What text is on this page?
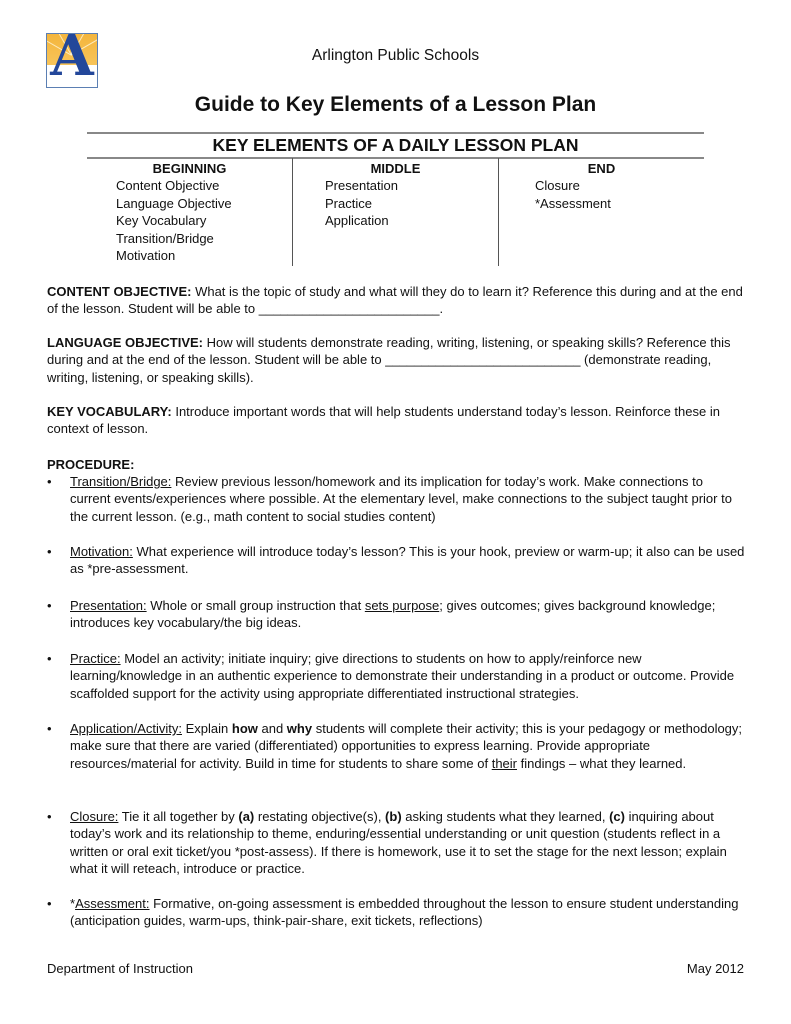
A	Arlington Public Schools
Guide to Key Elements of a Lesson Plan
KEY ELEMENTS OF A DAILY LESSON PLAN
BEGINNING
Content Objective
Language Objective
Key Vocabulary
Transition/Bridge
Motivation
MIDDLE
Presentation
Practice
Application
END
Closure
*Assessment
CONTENT OBJECTIVE: What is the topic of study and what will they do to learn it? Reference this during and at the end of the lesson. Student will be able to _________________________.
LANGUAGE OBJECTIVE: How will students demonstrate reading, writing, listening, or speaking skills? Reference this during and at the end of the lesson. Student will be able to ___________________________ (demonstrate reading, writing, listening, or speaking skills).
KEY VOCABULARY: Introduce important words that will help students understand today’s lesson. Reinforce these in context of lesson.
PROCEDURE:
•	Transition/Bridge: Review previous lesson/homework and its implication for today’s work. Make connections to current events/experiences where possible. At the elementary level, make connections to the subject taught prior to the current lesson. (e.g., math content to social studies content)
•	Motivation: What experience will introduce today’s lesson? This is your hook, preview or warm-up; it also can be used as *pre-assessment.
•	Presentation: Whole or small group instruction that sets purpose; gives outcomes; gives background knowledge; introduces key vocabulary/the big ideas.
•	Practice: Model an activity; initiate inquiry; give directions to students on how to apply/reinforce new learning/knowledge in an authentic experience to demonstrate their understanding in a product or outcome. Provide scaffolded support for the activity using appropriate differentiated instructional strategies.
•	Application/Activity: Explain how and why students will complete their activity; this is your pedagogy or methodology; make sure that there are varied (differentiated) opportunities to express learning. Provide appropriate resources/material for activity. Build in time for students to share some of their findings – what they learned.
•	Closure: Tie it all together by (a) restating objective(s), (b) asking students what they learned, (c) inquiring about today’s work and its relationship to theme, enduring/essential understanding or unit question (students reflect in a written or oral exit ticket/you *post-assess). If there is homework, use it to set the stage for the next lesson; explain what it will reteach, introduce or practice.
•	*Assessment: Formative, on-going assessment is embedded throughout the lesson to ensure student understanding (anticipation guides, warm-ups, think-pair-share, exit tickets, reflections)
Department of Instruction	May 2012
